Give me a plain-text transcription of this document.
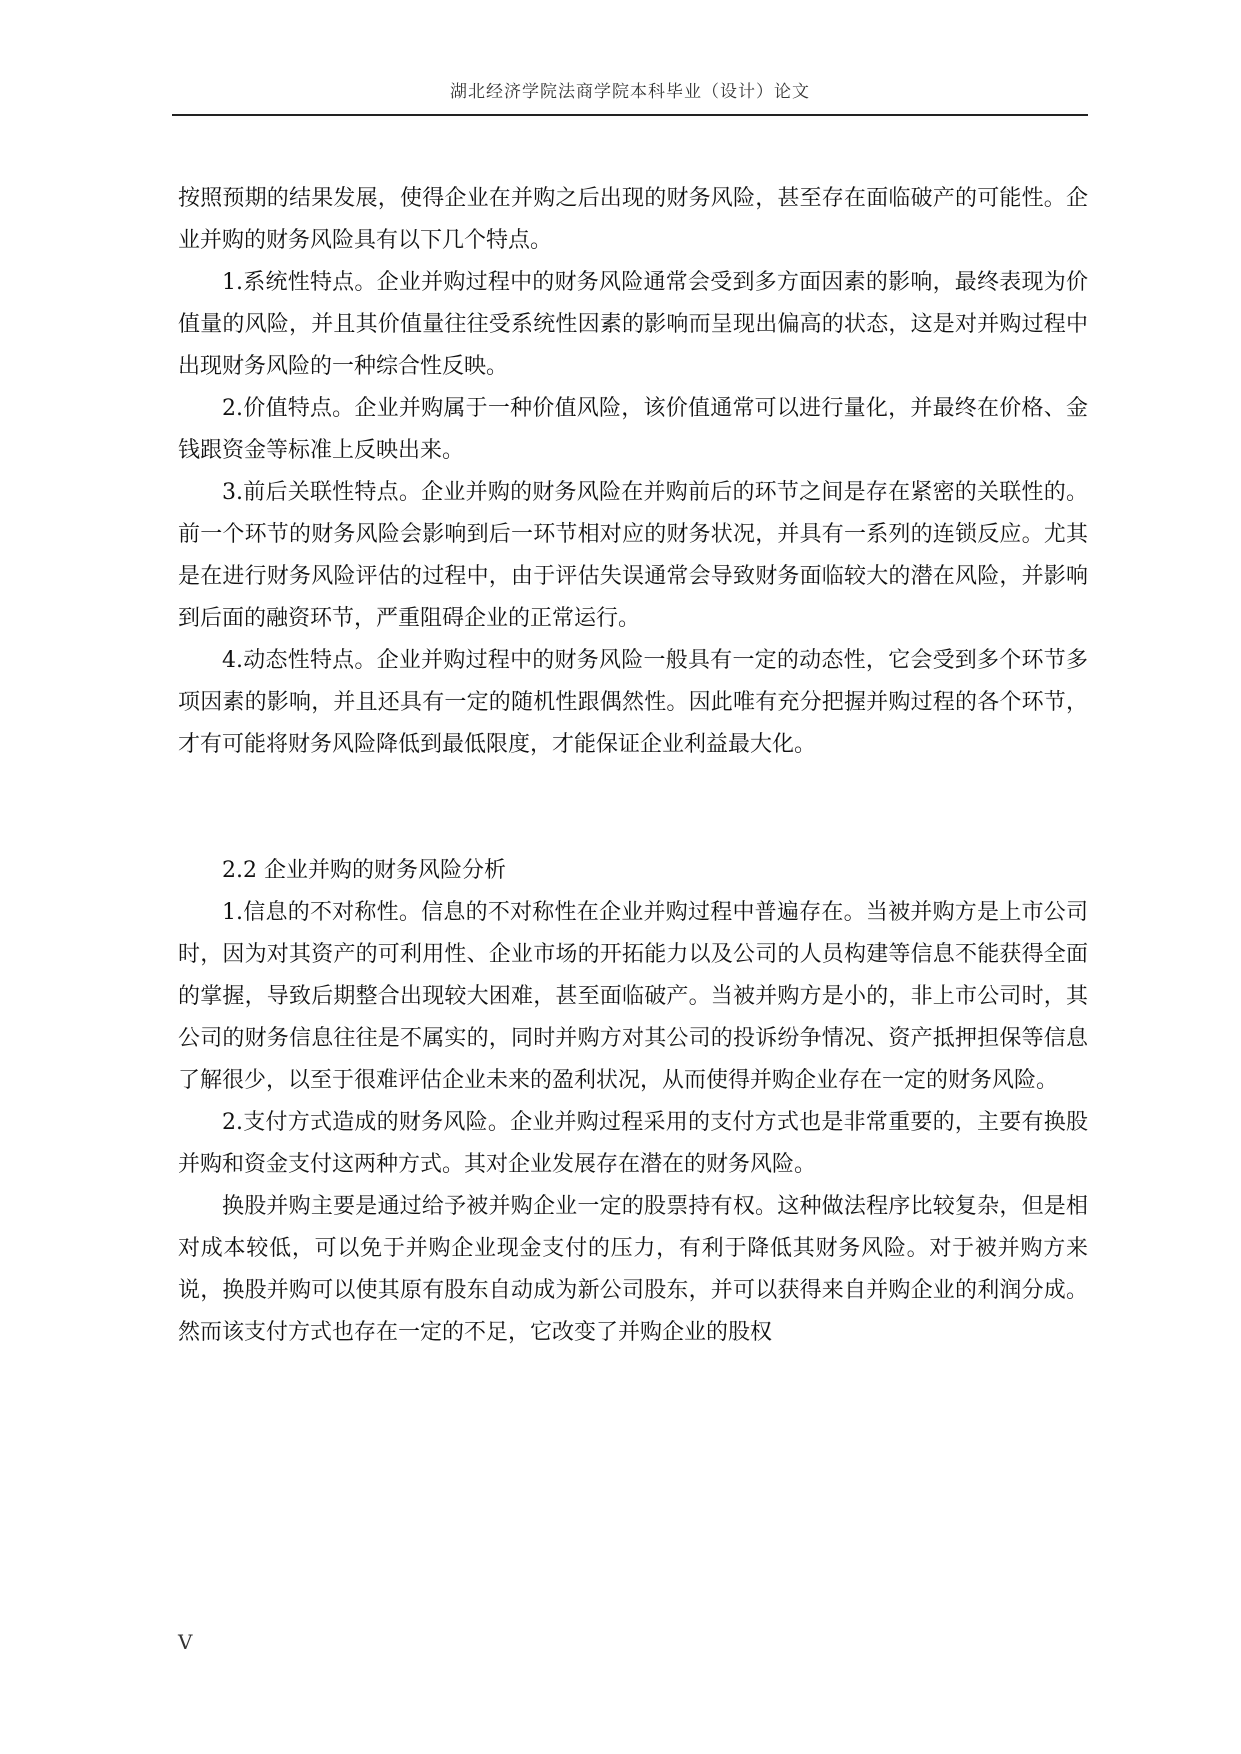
湖北经济学院法商学院本科毕业（设计）论文

按照预期的结果发展，使得企业在并购之后出现的财务风险，甚至存在面临破产的可能性。企业并购的财务风险具有以下几个特点。

1.系统性特点。企业并购过程中的财务风险通常会受到多方面因素的影响，最终表现为价值量的风险，并且其价值量往往受系统性因素的影响而呈现出偏高的状态，这是对并购过程中出现财务风险的一种综合性反映。

2.价值特点。企业并购属于一种价值风险，该价值通常可以进行量化，并最终在价格、金钱跟资金等标准上反映出来。

3.前后关联性特点。企业并购的财务风险在并购前后的环节之间是存在紧密的关联性的。前一个环节的财务风险会影响到后一环节相对应的财务状况，并具有一系列的连锁反应。尤其是在进行财务风险评估的过程中，由于评估失误通常会导致财务面临较大的潜在风险，并影响到后面的融资环节，严重阻碍企业的正常运行。

4.动态性特点。企业并购过程中的财务风险一般具有一定的动态性，它会受到多个环节多项因素的影响，并且还具有一定的随机性跟偶然性。因此唯有充分把握并购过程的各个环节，才有可能将财务风险降低到最低限度，才能保证企业利益最大化。

2.2 企业并购的财务风险分析

1.信息的不对称性。信息的不对称性在企业并购过程中普遍存在。当被并购方是上市公司时，因为对其资产的可利用性、企业市场的开拓能力以及公司的人员构建等信息不能获得全面的掌握，导致后期整合出现较大困难，甚至面临破产。当被并购方是小的，非上市公司时，其公司的财务信息往往是不属实的，同时并购方对其公司的投诉纷争情况、资产抵押担保等信息了解很少，以至于很难评估企业未来的盈利状况，从而使得并购企业存在一定的财务风险。

2.支付方式造成的财务风险。企业并购过程采用的支付方式也是非常重要的，主要有换股并购和资金支付这两种方式。其对企业发展存在潜在的财务风险。

换股并购主要是通过给予被并购企业一定的股票持有权。这种做法程序比较复杂，但是相对成本较低，可以免于并购企业现金支付的压力，有利于降低其财务风险。对于被并购方来说，换股并购可以使其原有股东自动成为新公司股东，并可以获得来自并购企业的利润分成。然而该支付方式也存在一定的不足，它改变了并购企业的股权

V
